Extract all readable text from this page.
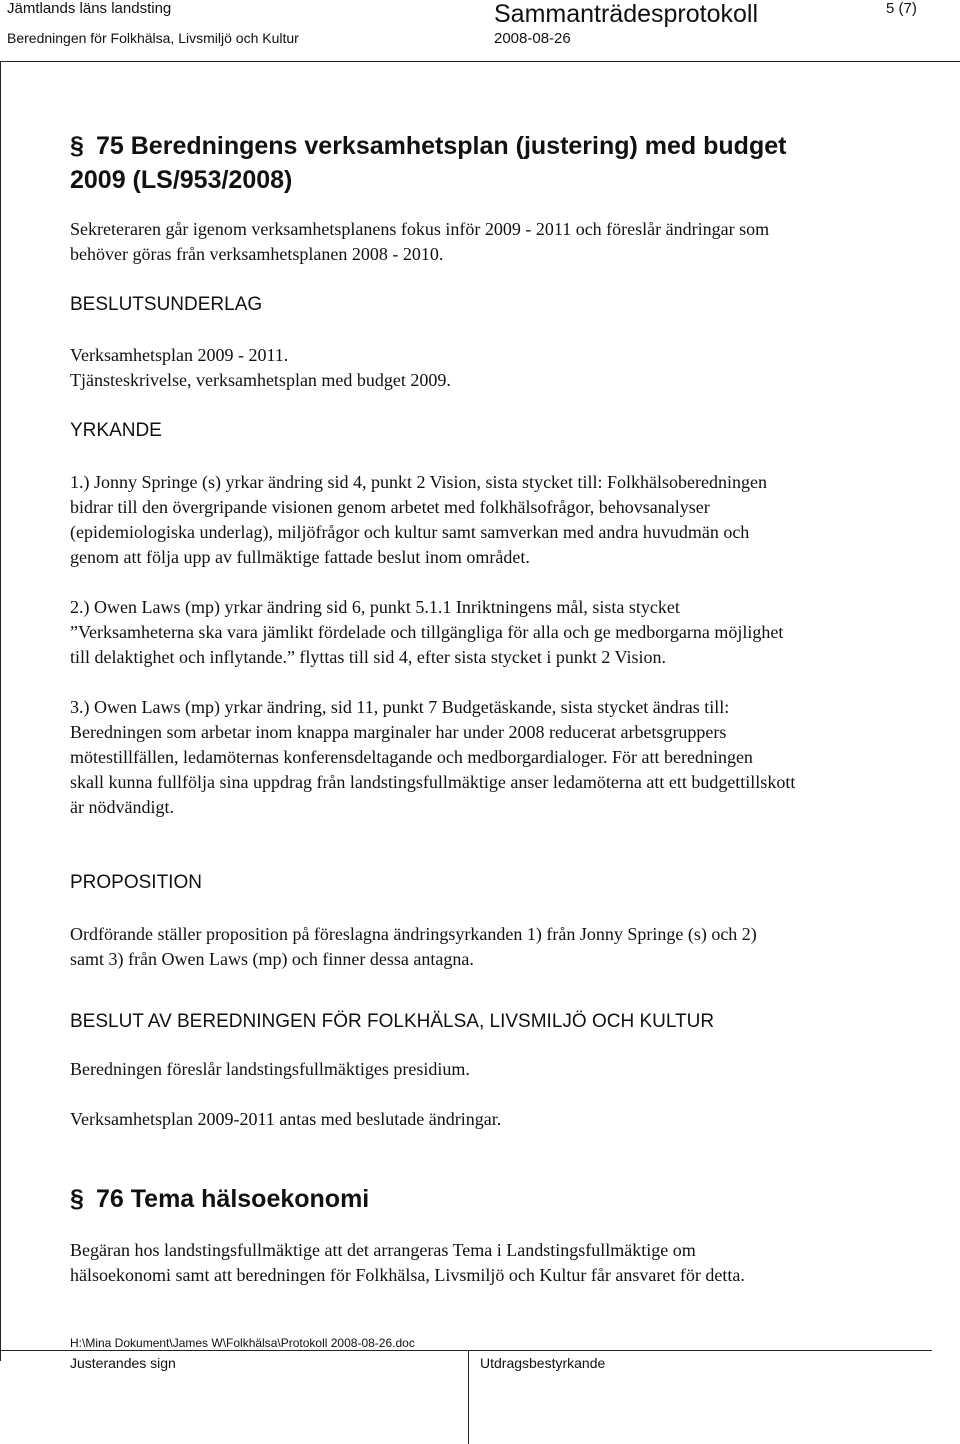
Jämtlands läns landsting	Sammanträdesprotokoll	5 (7)
Beredningen för Folkhälsa, Livsmiljö och Kultur	2008-08-26
§ 75 Beredningens verksamhetsplan (justering) med budget
2009 (LS/953/2008)
Sekreteraren går igenom verksamhetsplanens fokus inför 2009 - 2011 och föreslår ändringar som
behöver göras från verksamhetsplanen 2008 - 2010.
BESLUTSUNDERLAG
Verksamhetsplan 2009 - 2011.
Tjänsteskrivelse, verksamhetsplan med budget 2009.
YRKANDE
1.) Jonny Springe (s) yrkar ändring sid 4, punkt 2 Vision, sista stycket till: Folkhälsoberedningen
bidrar till den övergripande visionen genom arbetet med folkhälsofrågor, behovsanalyser
(epidemiologiska underlag), miljöfrågor och kultur samt samverkan med andra huvudmän och
genom att följa upp av fullmäktige fattade beslut inom området.
2.) Owen Laws (mp) yrkar ändring sid 6, punkt 5.1.1 Inriktningens mål, sista stycket
”Verksamheterna ska vara jämlikt fördelade och tillgängliga för alla och ge medborgarna möjlighet
till delaktighet och inflytande.” flyttas till sid 4, efter sista stycket i punkt 2 Vision.
3.) Owen Laws (mp) yrkar ändring, sid 11, punkt 7 Budgetäskande, sista stycket ändras till:
Beredningen som arbetar inom knappa marginaler har under 2008 reducerat arbetsgruppers
mötestillfällen, ledamöternas konferensdeltagande och medborgardialoger. För att beredningen
skall kunna fullfölja sina uppdrag från landstingsfullmäktige anser ledamöterna att ett budgettillskott
är nödvändigt.
PROPOSITION
Ordförande ställer proposition på föreslagna ändringsyrkanden 1) från Jonny Springe (s) och 2)
samt 3) från Owen Laws (mp) och finner dessa antagna.
BESLUT AV BEREDNINGEN FÖR FOLKHÄLSA, LIVSMILJÖ OCH KULTUR
Beredningen föreslår landstingsfullmäktiges presidium.
Verksamhetsplan 2009-2011 antas med beslutade ändringar.
§ 76 Tema hälsoekonomi
Begäran hos landstingsfullmäktige att det arrangeras Tema i Landstingsfullmäktige om
hälsoekonomi samt att beredningen för Folkhälsa, Livsmiljö och Kultur får ansvaret för detta.
H:\Mina Dokument\James W\Folkhälsa\Protokoll 2008-08-26.doc
Justerandes sign	Utdragsbestyrkande
